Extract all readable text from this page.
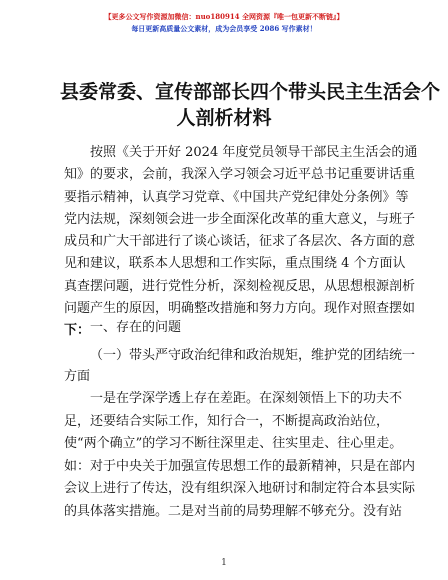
【更多公文写作资源加微信：nuo180914 全网资源『唯一包更新不断链』】
每日更新高质量公文素材，成为会员享受 2086 写作素材！
县委常委、宣传部部长四个带头民主生活会个
人剖析材料
按照《关于开好 2024 年度党员领导干部民主生活会的通
知》的要求，会前，我深入学习领会习近平总书记重要讲话重
要指示精神，认真学习党章、《中国共产党纪律处分条例》等
党内法规，深刻领会进一步全面深化改革的重大意义，与班子
成员和广大干部进行了谈心谈话，征求了各层次、各方面的意
见和建议，联系本人思想和工作实际，重点围绕 4 个方面认
真查摆问题，进行党性分析，深刻检视反思，从思想根源剖析
问题产生的原因，明确整改措施和努力方向。现作对照查摆如
下： 一、存在的问题
（一）带头严守政治纪律和政治规矩，维护党的团结统一
方面
一是在学深学透上存在差距。在深刻领悟上下的功夫不
足，还要结合实际工作，知行合一，不断提高政治站位，
使“两个确立”的学习不断往深里走、往实里走、往心里走。
如：对于中央关于加强宣传思想工作的最新精神，只是在部内
会议上进行了传达，没有组织深入地研讨和制定符合本县实际
的具体落实措施。二是对当前的局势理解不够充分。没有站
1
